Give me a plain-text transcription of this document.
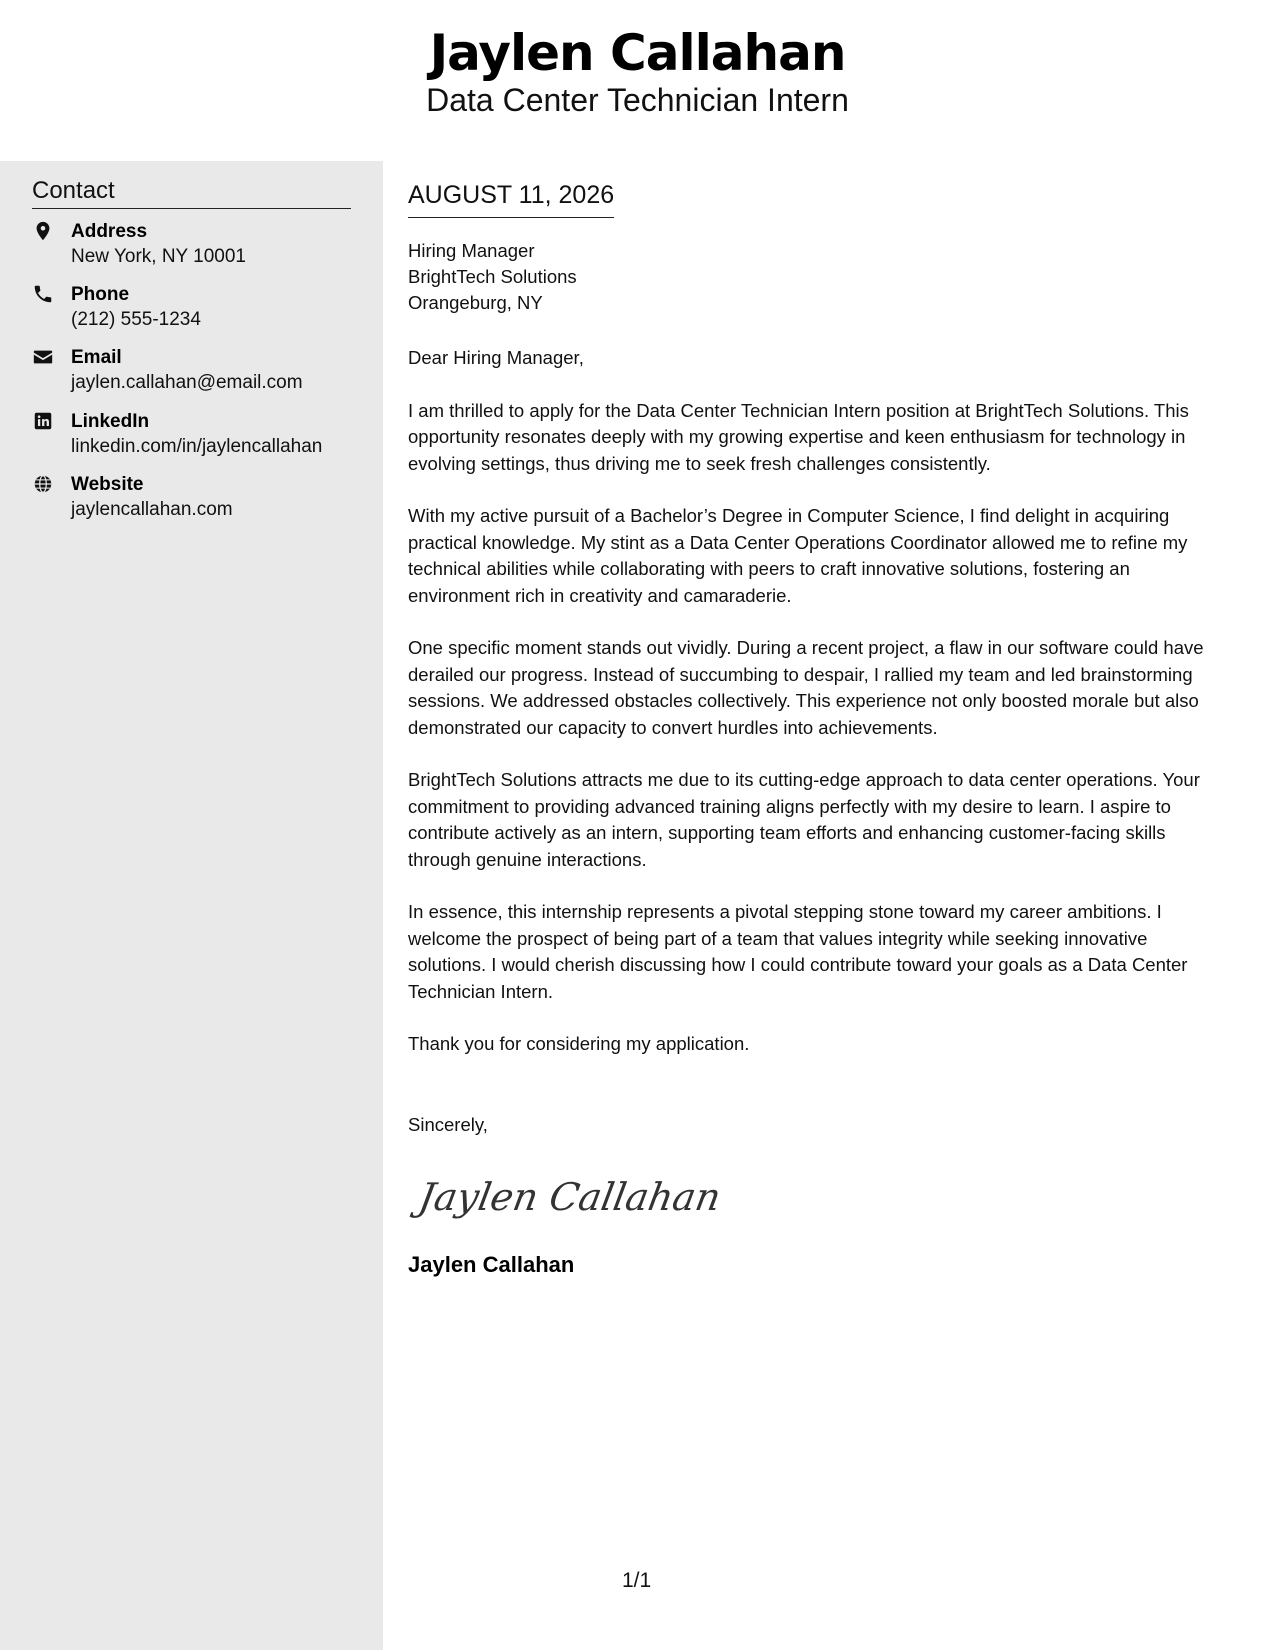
Jaylen Callahan
Data Center Technician Intern
Contact
Address
New York, NY 10001
Phone
(212) 555-1234
Email
jaylen.callahan@email.com
LinkedIn
linkedin.com/in/jaylencallahan
Website
jaylencallahan.com
AUGUST 11, 2026
Hiring Manager
BrightTech Solutions
Orangeburg, NY

Dear Hiring Manager,

I am thrilled to apply for the Data Center Technician Intern position at BrightTech Solutions. This opportunity resonates deeply with my growing expertise and keen enthusiasm for technology in evolving settings, thus driving me to seek fresh challenges consistently.

With my active pursuit of a Bachelor’s Degree in Computer Science, I find delight in acquiring practical knowledge. My stint as a Data Center Operations Coordinator allowed me to refine my technical abilities while collaborating with peers to craft innovative solutions, fostering an environment rich in creativity and camaraderie.

One specific moment stands out vividly. During a recent project, a flaw in our software could have derailed our progress. Instead of succumbing to despair, I rallied my team and led brainstorming sessions. We addressed obstacles collectively. This experience not only boosted morale but also demonstrated our capacity to convert hurdles into achievements.

BrightTech Solutions attracts me due to its cutting-edge approach to data center operations. Your commitment to providing advanced training aligns perfectly with my desire to learn. I aspire to contribute actively as an intern, supporting team efforts and enhancing customer-facing skills through genuine interactions.

In essence, this internship represents a pivotal stepping stone toward my career ambitions. I welcome the prospect of being part of a team that values integrity while seeking innovative solutions. I would cherish discussing how I could contribute toward your goals as a Data Center Technician Intern.

Thank you for considering my application.

Sincerely,
Jaylen Callahan
Jaylen Callahan
1/1
